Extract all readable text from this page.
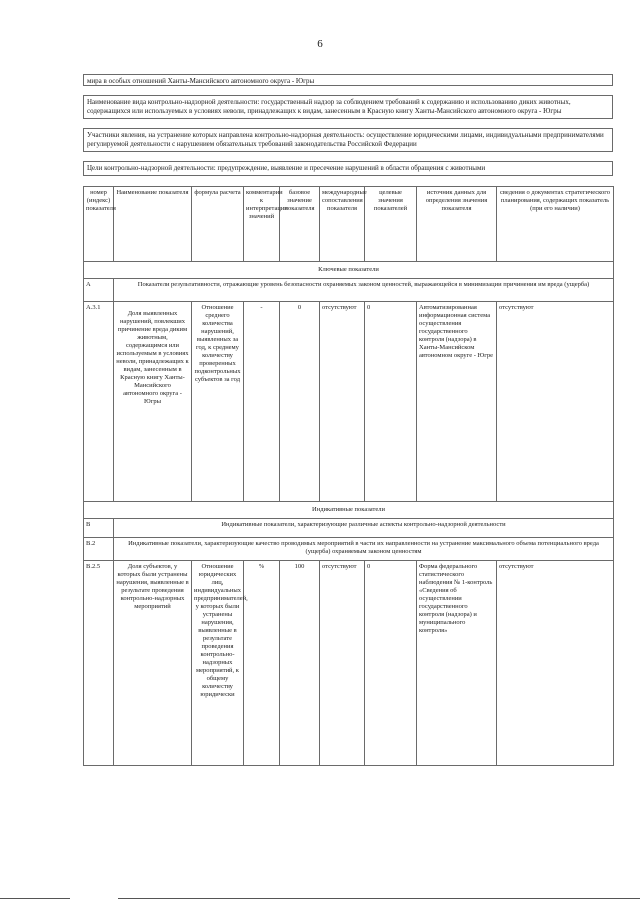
6
мира в особых отношений Ханты-Мансийского автономного округа - Югры
Наименование вида контрольно-надзорной деятельности: государственный надзор за соблюдением требований к содержанию и использованию диких животных, содержащихся или используемых в условиях неволи, принадлежащих к видам, занесенным в Красную книгу Ханты-Мансийского автономного округа - Югры
Участники явления, на устранение которых направлена контрольно-надзорная деятельность: осуществление юридическими лицами, индивидуальными предпринимателями регулируемой деятельности с нарушением обязательных требований законодательства Российской Федерации
Цели контрольно-надзорной деятельности: предупреждение, выявление и пресечение нарушений в области обращения с животными
номер (индекс) показателя	Наименование показателя	формула расчета	комментарии к интерпретации значений	базовое значение показателя	международные сопоставления показателя	целевые значения показателей	источник данных для определения значения показателя	сведения о документах стратегического планирования, содержащих показатель (при его наличии)
Ключевые показатели								
А	Показатели результативности, отражающие уровень безопасности охраняемых законом ценностей, выражающейся в минимизации причинения им вреда (ущерба)							
А.3.1	Доля выявленных нарушений, повлекших причинение вреда диким животным, содержащимся или используемым в условиях неволи, принадлежащих к видам, занесенным в Красную книгу Ханты-Мансийского автономного округа - Югры	Отношение среднего количества нарушений, выявленных за год, к среднему количеству проверенных подконтрольных субъектов за год	-	0	отсутствуют	0	Автоматизированная информационная система осуществления государственного контроля (надзора) в Ханты-Мансийском автономном округе - Югре	отсутствуют
Индикативные показатели								
В	Индикативные показатели, характеризующие различные аспекты контрольно-надзорной деятельности							
В.2	Индикативные показатели, характеризующие качество проводимых мероприятий в части их направленности на устранение максимального объема потенциального вреда (ущерба) охраняемым законом ценностям							
В.2.5	Доля субъектов, у которых были устранены нарушения, выявленные в результате проведения контрольно-надзорных мероприятий	Отношение юридических лиц, индивидуальных предпринимателей, у которых были устранены нарушения, выявленные в результате проведения контрольно-надзорных мероприятий, к общему количеству юридически	%	100	отсутствуют	0	Форма федерального статистического наблюдения № 1-контроль «Сведения об осуществлении государственного контроля (надзора) и муниципального контроля»	отсутствуют
